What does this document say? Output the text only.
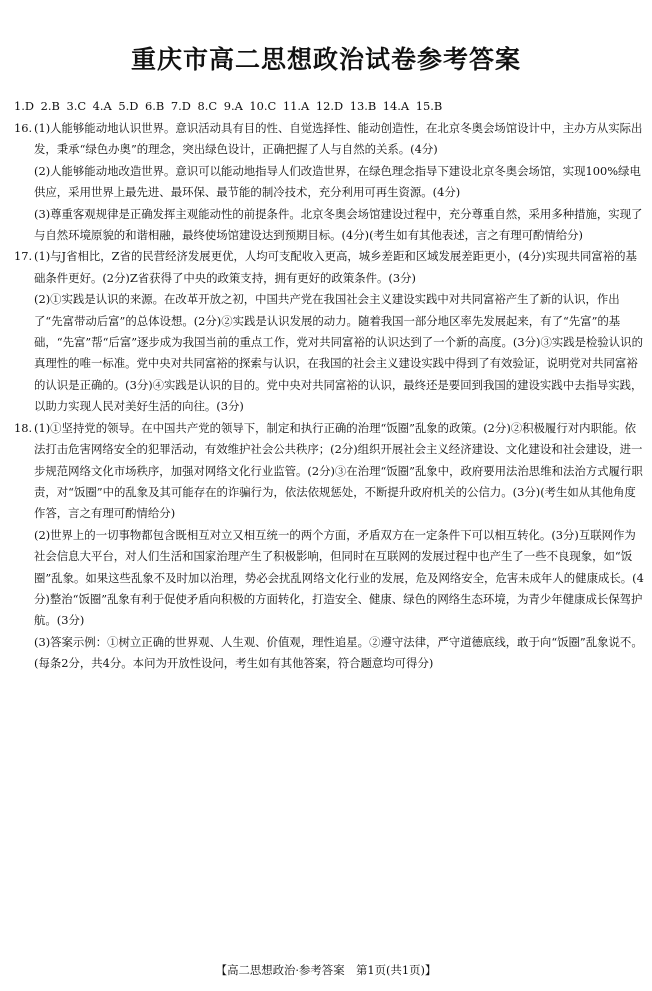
重庆市高二思想政治试卷参考答案
1.D 2.B 3.C 4.A 5.D 6.B 7.D 8.C 9.A 10.C 11.A 12.D 13.B 14.A 15.B

16. (1)人能够能动地认识世界。意识活动具有目的性、自觉选择性、能动创造性，在北京冬奥会场馆设计中，主办方从实际出发，秉承“绿色办奥”的理念，突出绿色设计，正确把握了人与自然的关系。(4分)

(2)人能够能动地改造世界。意识可以能动地指导人们改造世界，在绿色理念指导下建设北京冬奥会场馆，实现100%绿电供应，采用世界上最先进、最环保、最节能的制冷技术，充分利用可再生资源。(4分)

(3)尊重客观规律是正确发挥主观能动性的前提条件。北京冬奥会场馆建设过程中，充分尊重自然，采用多种措施，实现了与自然环境原貌的和谐相融，最终使场馆建设达到预期目标。(4分)(考生如有其他表述，言之有理可酌情给分)

17. (1)与J省相比，Z省的民营经济发展更优，人均可支配收入更高，城乡差距和区域发展差距更小，(4分)实现共同富裕的基础条件更好。(2分)Z省获得了中央的政策支持，拥有更好的政策条件。(3分)

(2)①实践是认识的来源。在改革开放之初，中国共产党在我国社会主义建设实践中对共同富裕产生了新的认识，作出了“先富带动后富”的总体设想。(2分)②实践是认识发展的动力。随着我国一部分地区率先发展起来，有了“先富”的基础，“先富”帮“后富”逐步成为我国当前的重点工作，党对共同富裕的认识达到了一个新的高度。(3分)③实践是检验认识的真理性的唯一标准。党中央对共同富裕的探索与认识，在我国的社会主义建设实践中得到了有效验证，说明党对共同富裕的认识是正确的。(3分)④实践是认识的目的。党中央对共同富裕的认识，最终还是要回到我国的建设实践中去指导实践，以助力实现人民对美好生活的向往。(3分)

18. (1)①坚持党的领导。在中国共产党的领导下，制定和执行正确的治理“饭圈”乱象的政策。(2分)②积极履行对内职能。依法打击危害网络安全的犯罪活动，有效维护社会公共秩序；(2分)组织开展社会主义经济建设、文化建设和社会建设，进一步规范网络文化市场秩序，加强对网络文化行业监管。(2分)③在治理“饭圈”乱象中，政府要用法治思维和法治方式履行职责，对“饭圈”中的乱象及其可能存在的诈骗行为，依法依规惩处，不断提升政府机关的公信力。(3分)(考生如从其他角度作答，言之有理可酌情给分)

(2)世界上的一切事物都包含既相互对立又相互统一的两个方面，矛盾双方在一定条件下可以相互转化。(3分)互联网作为社会信息大平台，对人们生活和国家治理产生了积极影响，但同时在互联网的发展过程中也产生了一些不良现象，如“饭圈”乱象。如果这些乱象不及时加以治理，势必会扰乱网络文化行业的发展，危及网络安全，危害未成年人的健康成长。(4分)整治“饭圈”乱象有利于促使矛盾向积极的方面转化，打造安全、健康、绿色的网络生态环境，为青少年健康成长保驾护航。(3分)

(3)答案示例：①树立正确的世界观、人生观、价值观，理性追星。②遵守法律，严守道德底线，敢于向“饭圈”乱象说不。(每条2分，共4分。本问为开放性设问，考生如有其他答案，符合题意均可得分)

【高二思想政治·参考答案　第1页(共1页)】
